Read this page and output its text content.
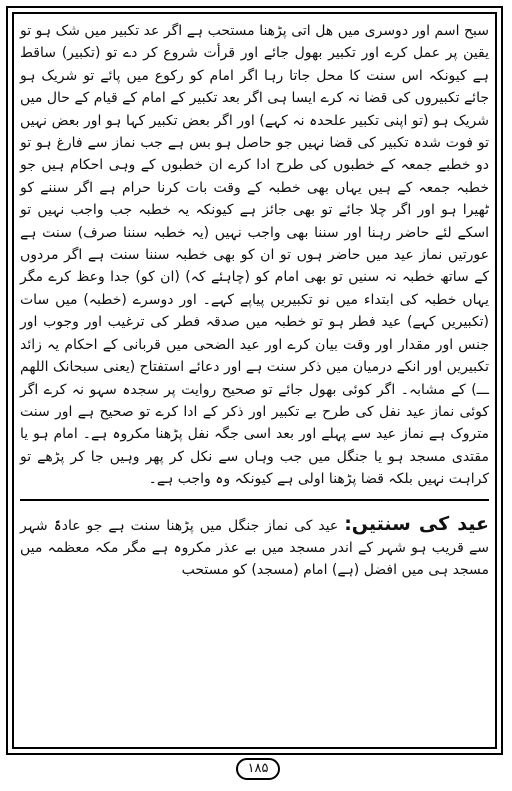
سبح اسم اور دوسری میں ھل اتی پڑھنا مستحب ہے اگر عد تکبیر میں شک ہو تو یقین پر عمل کرے اور تکبیر بھول جائے اور قرأت شروع کر دے تو (تکبیر) ساقط ہے کیونکہ اس سنت کا محل جاتا رہا اگر امام کو رکوع میں پائے تو شریک ہو جائے تکبیروں کی قضا نہ کرے ایسا ہی اگر بعد تکبیر کے امام کے قیام کے حال میں شریک ہو (تو اپنی تکبیر علحدہ نہ کہے) اور اگر بعض تکبیر کہا ہو اور بعض نہیں تو فوت شدہ تکبیر کی قضا نہیں جو حاصل ہو بس ہے جب نماز سے فارغ ہو تو دو خطبے جمعہ کے خطبوں کی طرح ادا کرے ان خطبوں کے وہی احکام ہیں جو خطبہ جمعہ کے ہیں یہاں بھی خطبہ کے وقت بات کرنا حرام ہے اگر سننے کو ٹھیرا ہو اور اگر چلا جائے تو بھی جائز ہے کیونکہ یہ خطبہ جب واجب نہیں تو اسکے لئے حاضر رہنا اور سننا بھی واجب نہیں (یہ خطبہ سننا صرف) سنت ہے عورتیں نماز عید میں حاضر ہوں تو ان کو بھی خطبہ سننا سنت ہے اگر مردوں کے ساتھ خطبہ نہ سنیں تو بھی امام کو (چاہئے کہ) (ان کو) جدا وعظ کرے مگر یہاں خطبہ کی ابتداء میں نو تکبیریں پیاپے کہے۔ اور دوسرے (خطبہ) میں سات (تکبیریں کہے) عید فطر ہو تو خطبہ میں صدقہ فطر کی ترغیب اور وجوب اور جنس اور مقدار اور وقت بیان کرے اور عید الضحی میں قربانی کے احکام یہ زائد تکبیریں اور انکے درمیان میں ذکر سنت ہے اور دعائے استفتاح (یعنی سبحانک اللھم ـــ) کے مشابہ۔ اگر کوئی بھول جائے تو صحیح روایت پر سجدہ سہو نہ کرے اگر کوئی نماز عید نفل کی طرح بے تکبیر اور ذکر کے ادا کرے تو صحیح ہے اور سنت متروک ہے نماز عید سے پہلے اور بعد اسی جگہ نفل پڑھنا مکروہ ہے۔ امام ہو یا مقتدی مسجد ہو یا جنگل میں جب وہاں سے نکل کر پھر وہیں جا کر پڑھے تو کراہت نہیں بلکہ قضا پڑھنا اولی ہے کیونکہ وہ واجب ہے۔

عید کی سنتیں: عید کی نماز جنگل میں پڑھنا سنت ہے جو عادۃً شہر سے قریب ہو شہر کے اندر مسجد میں بے عذر مکروہ ہے مگر مکہ معظمہ میں مسجد ہی میں افضل (ہے) امام (مسجد) کو مستحب

۱۸۵
